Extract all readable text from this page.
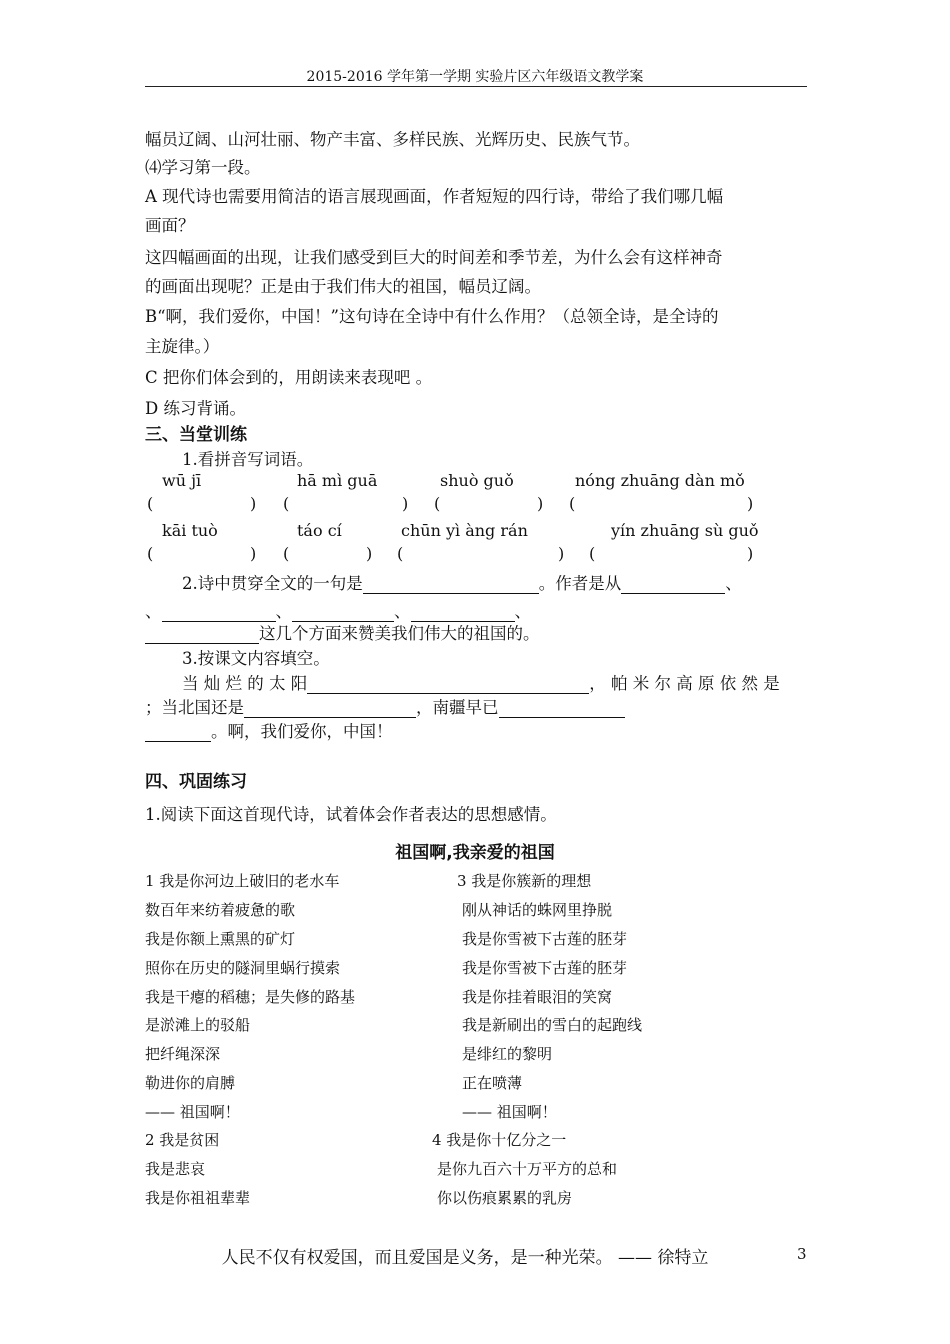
2015-2016 学年第一学期 实验片区六年级语文教学案
幅员辽阔、山河壮丽、物产丰富、多样民族、光辉历史、民族气节。
⑷学习第一段。
A 现代诗也需要用简洁的语言展现画面，作者短短的四行诗，带给了我们哪几幅
画面？
这四幅画面的出现，让我们感受到巨大的时间差和季节差，为什么会有这样神奇
的画面出现呢？正是由于我们伟大的祖国，幅员辽阔。
B“啊，我们爱你，中国！”这句诗在全诗中有什么作用？（总领全诗，是全诗的
主旋律。）
C 把你们体会到的，用朗读来表现吧 。
D 练习背诵。
三、当堂训练
1.看拼音写词语。
wū jī	hā mì guā	shuò guǒ	nóng zhuāng dàn mǒ
(	) (	) (	) (	)
kāi tuò	táo cí	chūn yì àng rán	yín zhuāng sù guǒ
(	) (	) (	) (	)
2.诗中贯穿全文的一句是	。作者是从	、
、	、	、	、
这几个方面来赞美我们伟大的祖国的。
3.按课文内容填空。
当 灿 烂 的 太 阳	， 帕 米 尔 高 原 依 然 是
；当北国还是	，南疆早已
。啊，我们爱你，中国！
四、巩固练习
1.阅读下面这首现代诗，试着体会作者表达的思想感情。
祖国啊,我亲爱的祖国
1 我是你河边上破旧的老水车
数百年来纺着疲惫的歌
我是你额上熏黑的矿灯
照你在历史的隧洞里蜗行摸索
我是干瘪的稻穗；是失修的路基
是淤滩上的驳船
把纤绳深深
勒进你的肩膊
—— 祖国啊！
2 我是贫困
我是悲哀
我是你祖祖辈辈
3 我是你簇新的理想
刚从神话的蛛网里挣脱
我是你雪被下古莲的胚芽
我是你雪被下古莲的胚芽
我是你挂着眼泪的笑窝
我是新刷出的雪白的起跑线
是绯红的黎明
正在喷薄
—— 祖国啊！
4 我是你十亿分之一
是你九百六十万平方的总和
你以伤痕累累的乳房
人民不仅有权爱国，而且爱国是义务，是一种光荣。 —— 徐特立	3
